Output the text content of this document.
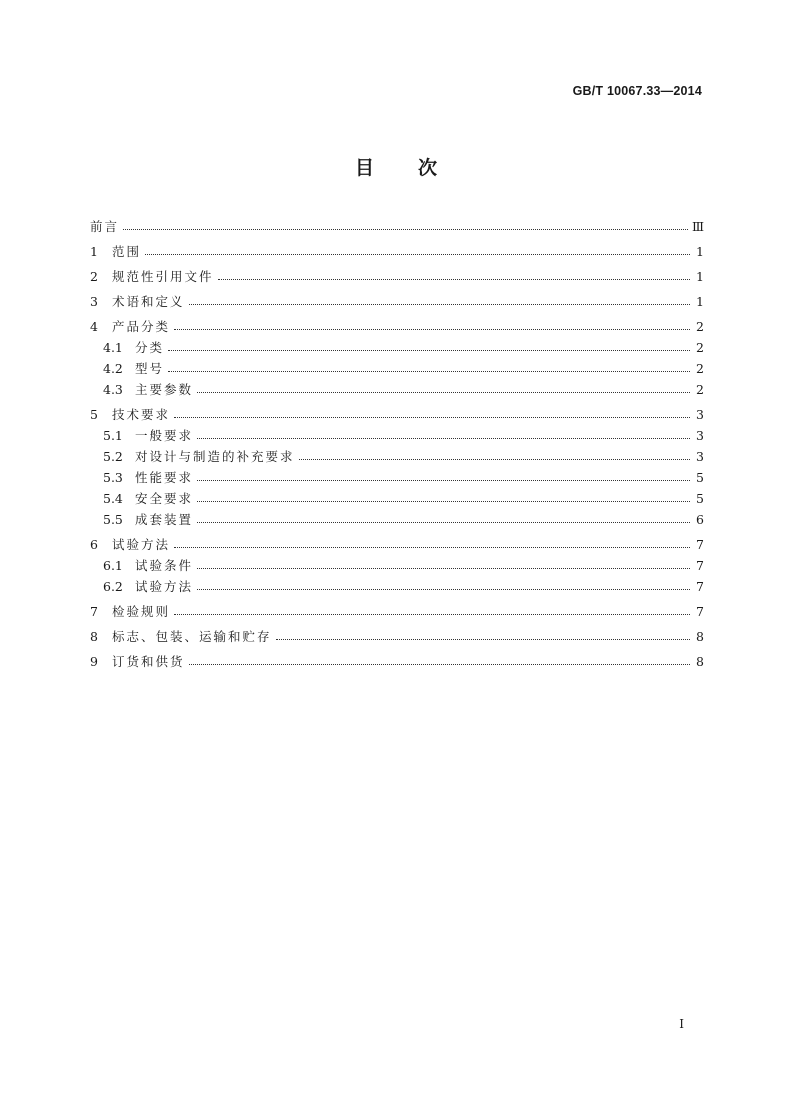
GB/T 10067.33—2014
目 次
前言	Ⅲ
1	范围	1
2	规范性引用文件	1
3	术语和定义	1
4	产品分类	2
4.1 分类	2
4.2 型号	2
4.3 主要参数	2
5	技术要求	3
5.1 一般要求	3
5.2 对设计与制造的补充要求	3
5.3 性能要求	5
5.4 安全要求	5
5.5 成套装置	6
6	试验方法	7
6.1 试验条件	7
6.2 试验方法	7
7	检验规则	7
8	标志、包装、运输和贮存	8
9	订货和供货	8
I
